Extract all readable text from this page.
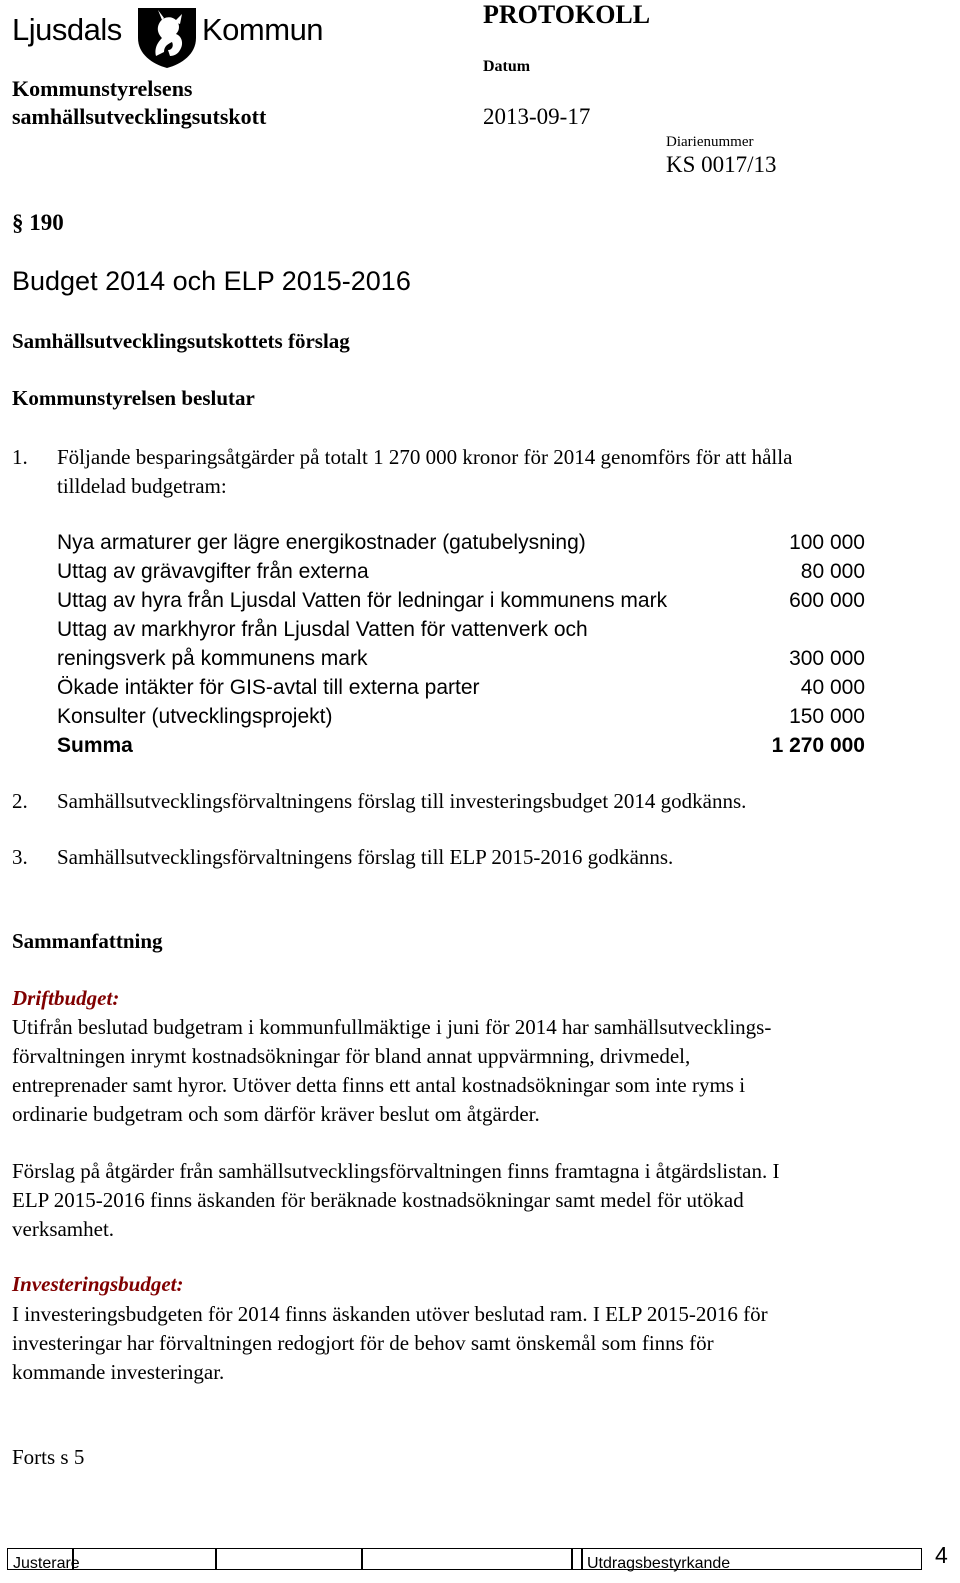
Ljusdals	Kommun	PROTOKOLL
Datum
2013-09-17
Diarienummer
KS 0017/13
Kommunstyrelsens
samhällsutvecklingsutskott
§ 190
Budget 2014 och ELP 2015-2016
Samhällsutvecklingsutskottets förslag
Kommunstyrelsen beslutar
1. Följande besparingsåtgärder på totalt 1 270 000 kronor för 2014 genomförs för att hålla
tilldelad budgetram:
Nya armaturer ger lägre energikostnader (gatubelysning)	100 000
Uttag av grävavgifter från externa	80 000
Uttag av hyra från Ljusdal Vatten för ledningar i kommunens mark	600 000
Uttag av markhyror från Ljusdal Vatten för vattenverk och
reningsverk på kommunens mark	300 000
Ökade intäkter för GIS-avtal till externa parter	40 000
Konsulter (utvecklingsprojekt)	150 000
Summa	1 270 000
2. Samhällsutvecklingsförvaltningens förslag till investeringsbudget 2014 godkänns.
3. Samhällsutvecklingsförvaltningens förslag till ELP 2015-2016 godkänns.
Sammanfattning
Driftbudget:
Utifrån beslutad budgetram i kommunfullmäktige i juni för 2014 har samhällsutvecklings-
förvaltningen inrymt kostnadsökningar för bland annat uppvärmning, drivmedel,
entreprenader samt hyror. Utöver detta finns ett antal kostnadsökningar som inte ryms i
ordinarie budgetram och som därför kräver beslut om åtgärder.
Förslag på åtgärder från samhällsutvecklingsförvaltningen finns framtagna i åtgärdslistan. I
ELP 2015-2016 finns äskanden för beräknade kostnadsökningar samt medel för utökad
verksamhet.
Investeringsbudget:
I investeringsbudgeten för 2014 finns äskanden utöver beslutad ram. I ELP 2015-2016 för
investeringar har förvaltningen redogjort för de behov samt önskemål som finns för
kommande investeringar.
Forts s 5
Justerare	Utdragsbestyrkande	4
